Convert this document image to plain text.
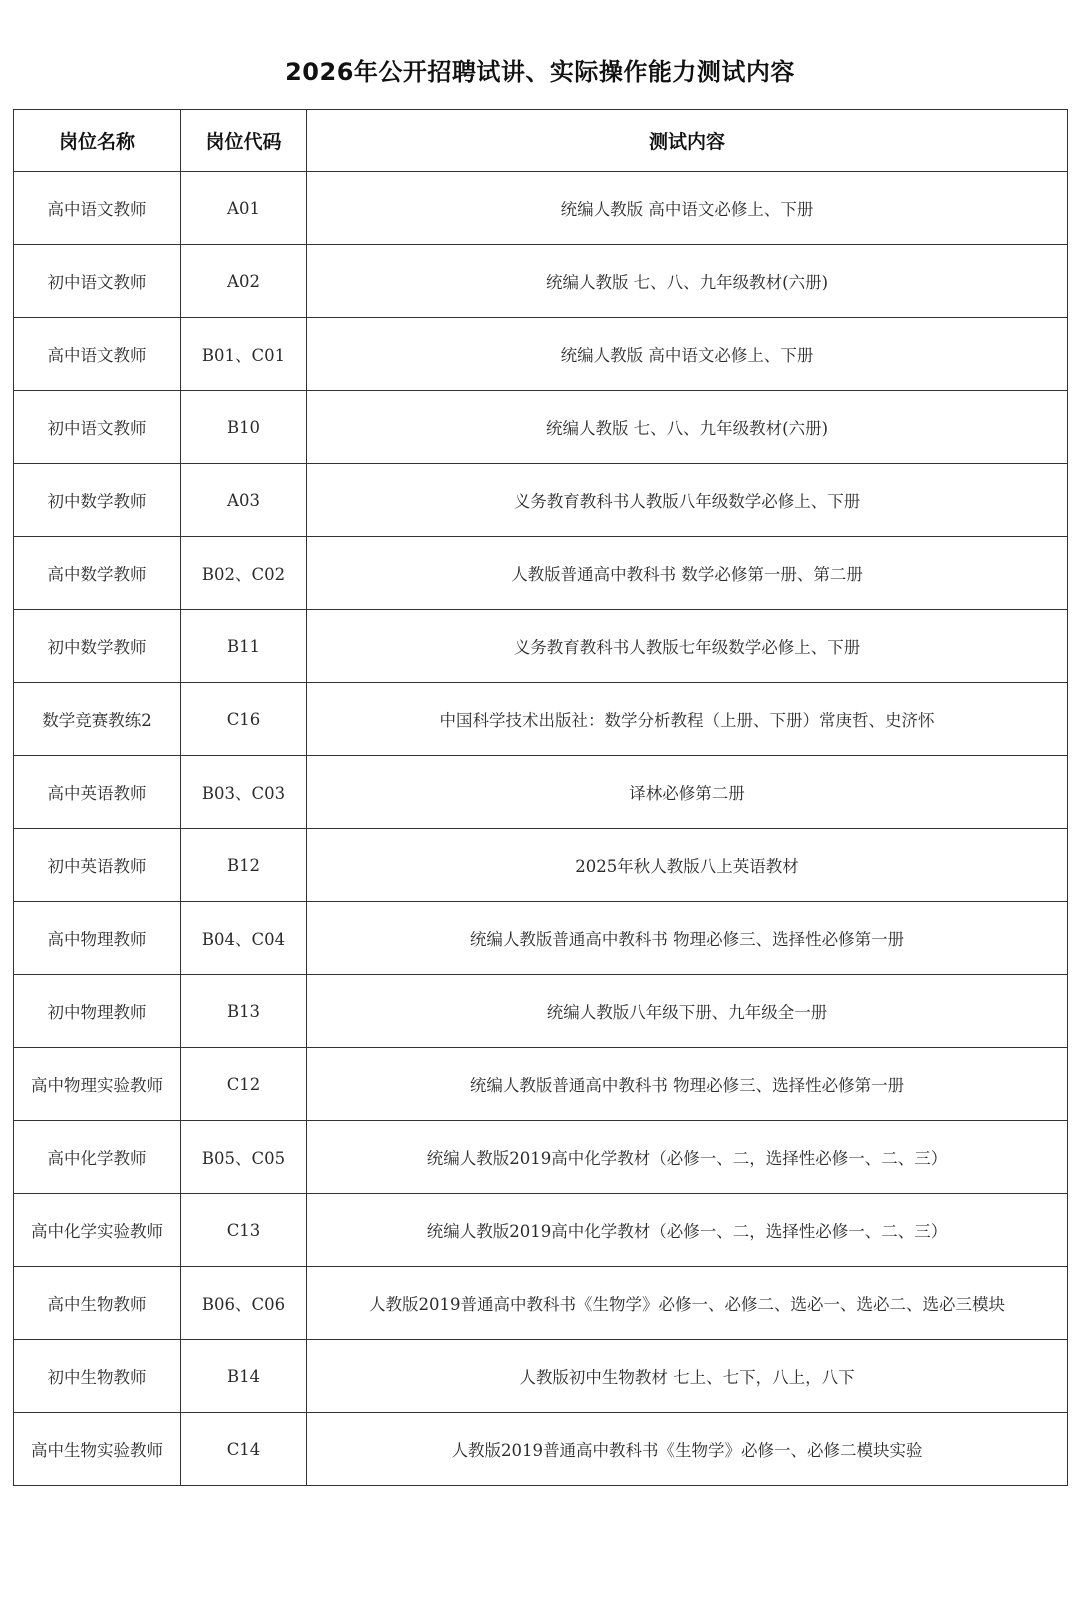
2026年公开招聘试讲、实际操作能力测试内容
岗位名称	岗位代码	测试内容
高中语文教师	A01	统编人教版 高中语文必修上、下册
初中语文教师	A02	统编人教版 七、八、九年级教材(六册)
高中语文教师	B01、C01	统编人教版 高中语文必修上、下册
初中语文教师	B10	统编人教版 七、八、九年级教材(六册)
初中数学教师	A03	义务教育教科书人教版八年级数学必修上、下册
高中数学教师	B02、C02	人教版普通高中教科书 数学必修第一册、第二册
初中数学教师	B11	义务教育教科书人教版七年级数学必修上、下册
数学竞赛教练2	C16	中国科学技术出版社：数学分析教程（上册、下册）常庚哲、史济怀
高中英语教师	B03、C03	译林必修第二册
初中英语教师	B12	2025年秋人教版八上英语教材
高中物理教师	B04、C04	统编人教版普通高中教科书 物理必修三、选择性必修第一册
初中物理教师	B13	统编人教版八年级下册、九年级全一册
高中物理实验教师	C12	统编人教版普通高中教科书 物理必修三、选择性必修第一册
高中化学教师	B05、C05	统编人教版2019高中化学教材（必修一、二，选择性必修一、二、三）
高中化学实验教师	C13	统编人教版2019高中化学教材（必修一、二，选择性必修一、二、三）
高中生物教师	B06、C06	人教版2019普通高中教科书《生物学》必修一、必修二、选必一、选必二、选必三模块
初中生物教师	B14	人教版初中生物教材 七上、七下，八上，八下
高中生物实验教师	C14	人教版2019普通高中教科书《生物学》必修一、必修二模块实验
